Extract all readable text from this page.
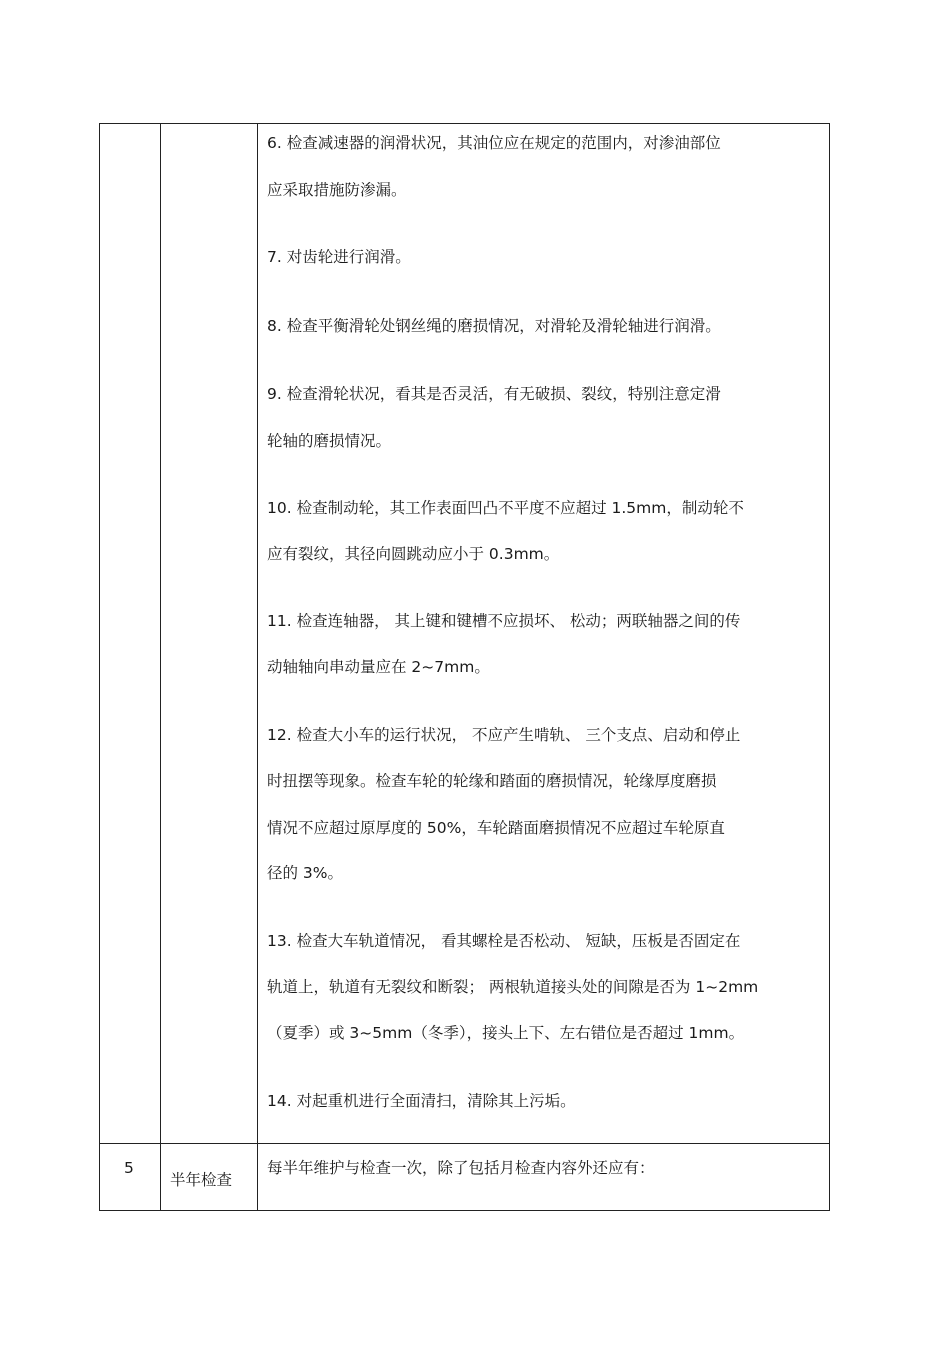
6. 检查减速器的润滑状况，其油位应在规定的范围内，对渗油部位
应采取措施防渗漏。
7. 对齿轮进行润滑。
8. 检查平衡滑轮处钢丝绳的磨损情况，对滑轮及滑轮轴进行润滑。
9. 检查滑轮状况，看其是否灵活，有无破损、裂纹，特别注意定滑
轮轴的磨损情况。
10. 检查制动轮，其工作表面凹凸不平度不应超过 1.5mm，制动轮不
应有裂纹，其径向圆跳动应小于 0.3mm。
11. 检查连轴器， 其上键和键槽不应损坏、 松动；两联轴器之间的传
动轴轴向串动量应在 2~7mm。
12. 检查大小车的运行状况， 不应产生啃轨、 三个支点、启动和停止
时扭摆等现象。检查车轮的轮缘和踏面的磨损情况，轮缘厚度磨损
情况不应超过原厚度的 50%，车轮踏面磨损情况不应超过车轮原直
径的 3%。
13. 检查大车轨道情况， 看其螺栓是否松动、 短缺，压板是否固定在
轨道上，轨道有无裂纹和断裂； 两根轨道接头处的间隙是否为 1~2mm
（夏季）或 3~5mm（冬季），接头上下、左右错位是否超过 1mm。
14. 对起重机进行全面清扫，清除其上污垢。
5
半年检查
每半年维护与检查一次，除了包括月检查内容外还应有：
